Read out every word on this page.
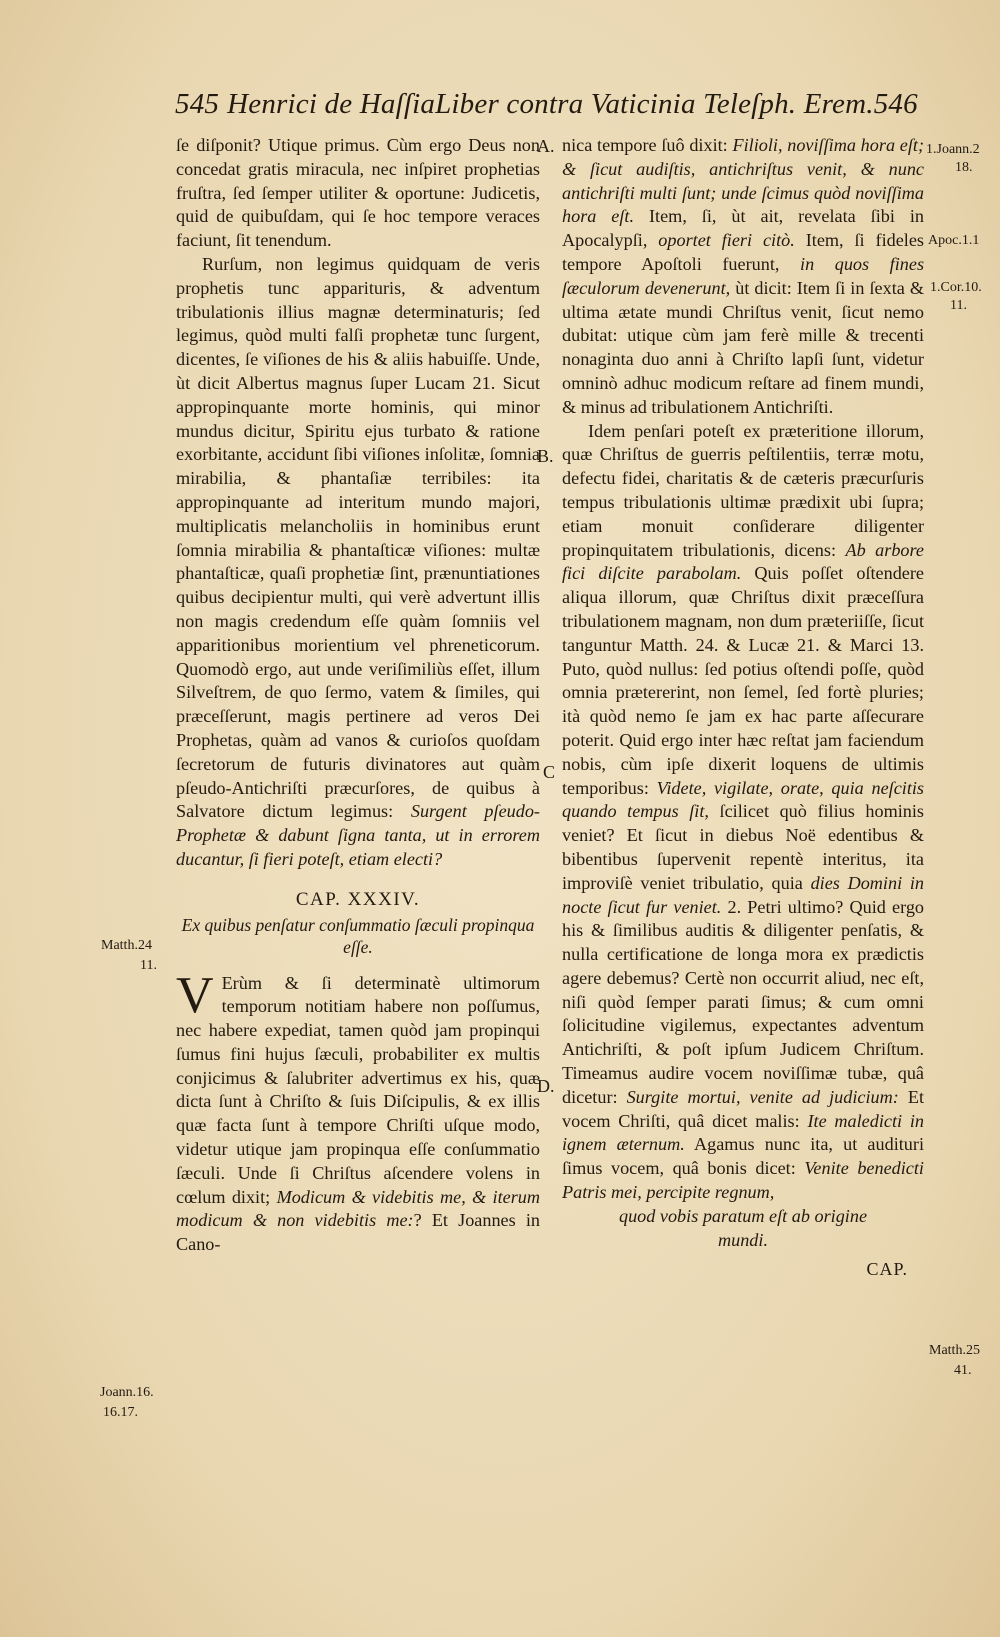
545 Henrici de HaſſiaLiber contra Vaticinia Teleſph. Erem. 546

ſe diſponit? Utique primus. Cùm ergo Deus non concedat gratis miracula, nec inſpiret prophetias fruſtra, ſed ſemper utiliter & oportune: Judicetis, quid de quibuſdam, qui ſe hoc tempore veraces faciunt, ſit tenendum.

Rurſum, non legimus quidquam de veris prophetis tunc apparituris, & adventum tribulationis illius magnæ determinaturis; ſed legimus, quòd multi falſi prophetæ tunc ſurgent, dicentes, ſe viſiones de his & aliis habuiſſe. Unde, ùt dicit Albertus magnus ſuper Lucam 21. Sicut appropinquante morte hominis, qui minor mundus dicitur, Spiritu ejus turbato & ratione exorbitante, accidunt ſibi viſiones inſolitæ, ſomnia mirabilia, & phantaſiæ terribiles: ita appropinquante ad interitum mundo majori, multiplicatis melancholiis in hominibus erunt ſomnia mirabilia & phantaſticæ viſiones: multæ phantaſticæ, quaſi prophetiæ ſint, prænuntiationes quibus decipientur multi, qui verè advertunt illis non magis credendum eſſe quàm ſomniis vel apparitionibus morientium vel phreneticorum. Quomodò ergo, aut unde veriſimiliùs eſſet, illum Silveſtrem, de quo ſermo, vatem & ſimiles, qui præceſſerunt, magis pertinere ad veros Dei Prophetas, quàm ad vanos & curioſos quoſdam ſecretorum de futuris divinatores aut quàm pſeudo-Antichriſti præcurſores, de quibus à Salvatore dictum legimus: Surgent pſeudo-Prophetæ & dabunt ſigna tanta, ut in errorem ducantur, ſi fieri poteſt, etiam electi?

CAP. XXXIV.
Ex quibus penſatur conſummatio ſæculi propinqua eſſe.

V Erùm & ſi determinatè ultimorum temporum notitiam habere non poſſumus, nec habere expediat, tamen quòd jam propinqui ſumus fini hujus ſæculi, probabiliter ex multis conjicimus & ſalubriter advertimus ex his, quæ dicta ſunt à Chriſto & ſuis Diſcipulis, & ex illis quæ facta ſunt à tempore Chriſti uſque modo, videtur utique jam propinqua eſſe conſummatio ſæculi. Unde ſi Chriſtus aſcendere volens in cœlum dixit; Modicum & videbitis me, & iterum modicum & non videbitis me:? Et Joannes in Cano-

nica tempore ſuô dixit: Filioli, noviſſima hora eſt; & ſicut audiſtis, antichriſtus venit, & nunc antichriſti multi ſunt; unde ſcimus quòd noviſſima hora eſt. Item, ſi, ùt ait, revelata ſibi in Apocalypſi, oportet fieri citò. Item, ſi fideles tempore Apoſtoli fuerunt, in quos fines ſæculorum devenerunt, ùt dicit: Item ſi in ſexta & ultima ætate mundi Chriſtus venit, ſicut nemo dubitat: utique cùm jam ferè mille & trecenti nonaginta duo anni à Chriſto lapſi ſunt, videtur omninò adhuc modicum reſtare ad finem mundi, & minus ad tribulationem Antichriſti.

Idem penſari poteſt ex præteritione illorum, quæ Chriſtus de guerris peſtilentiis, terræ motu, defectu fidei, charitatis & de cæteris præcurſuris tempus tribulationis ultimæ prædixit ubi ſupra; etiam monuit conſiderare diligenter propinquitatem tribulationis, dicens: Ab arbore fici diſcite parabolam. Quis poſſet oſtendere aliqua illorum, quæ Chriſtus dixit præceſſura tribulationem magnam, non dum præteriiſſe, ſicut tanguntur Matth. 24. & Lucæ 21. & Marci 13. Puto, quòd nullus: ſed potius oſtendi poſſe, quòd omnia prætererint, non ſemel, ſed fortè pluries; ità quòd nemo ſe jam ex hac parte aſſecurare poterit. Quid ergo inter hæc reſtat jam faciendum nobis, cùm ipſe dixerit loquens de ultimis temporibus: Videte, vigilate, orate, quia neſcitis quando tempus ſit, ſcilicet quò filius hominis veniet? Et ſicut in diebus Noë edentibus & bibentibus ſupervenit repentè interitus, ita improviſè veniet tribulatio, quia dies Domini in nocte ſicut fur veniet. 2. Petri ultimo? Quid ergo his & ſimilibus auditis & diligenter penſatis, & nulla certificatione de longa mora ex prædictis agere debemus? Certè non occurrit aliud, nec eſt, niſi quòd ſemper parati ſimus; & cum omni ſolicitudine vigilemus, expectantes adventum Antichriſti, & poſt ipſum Judicem Chriſtum. Timeamus audire vocem noviſſimæ tubæ, quâ dicetur: Surgite mortui, venite ad judicium: Et vocem Chriſti, quâ dicet malis: Ite maledicti in ignem æternum. Agamus nunc ita, ut audituri ſimus vocem, quâ bonis dicet: Venite benedicti Patris mei, percipite regnum,

quod vobis paratum eſt ab origine

mundi.

CAP.
A.
B.
C
D.
1.Joann.2
18.
Apoc.1.1
1.Cor.10.
11.
Matth.25
41.
Matth.24
11.
Joann.16.
16.17.
